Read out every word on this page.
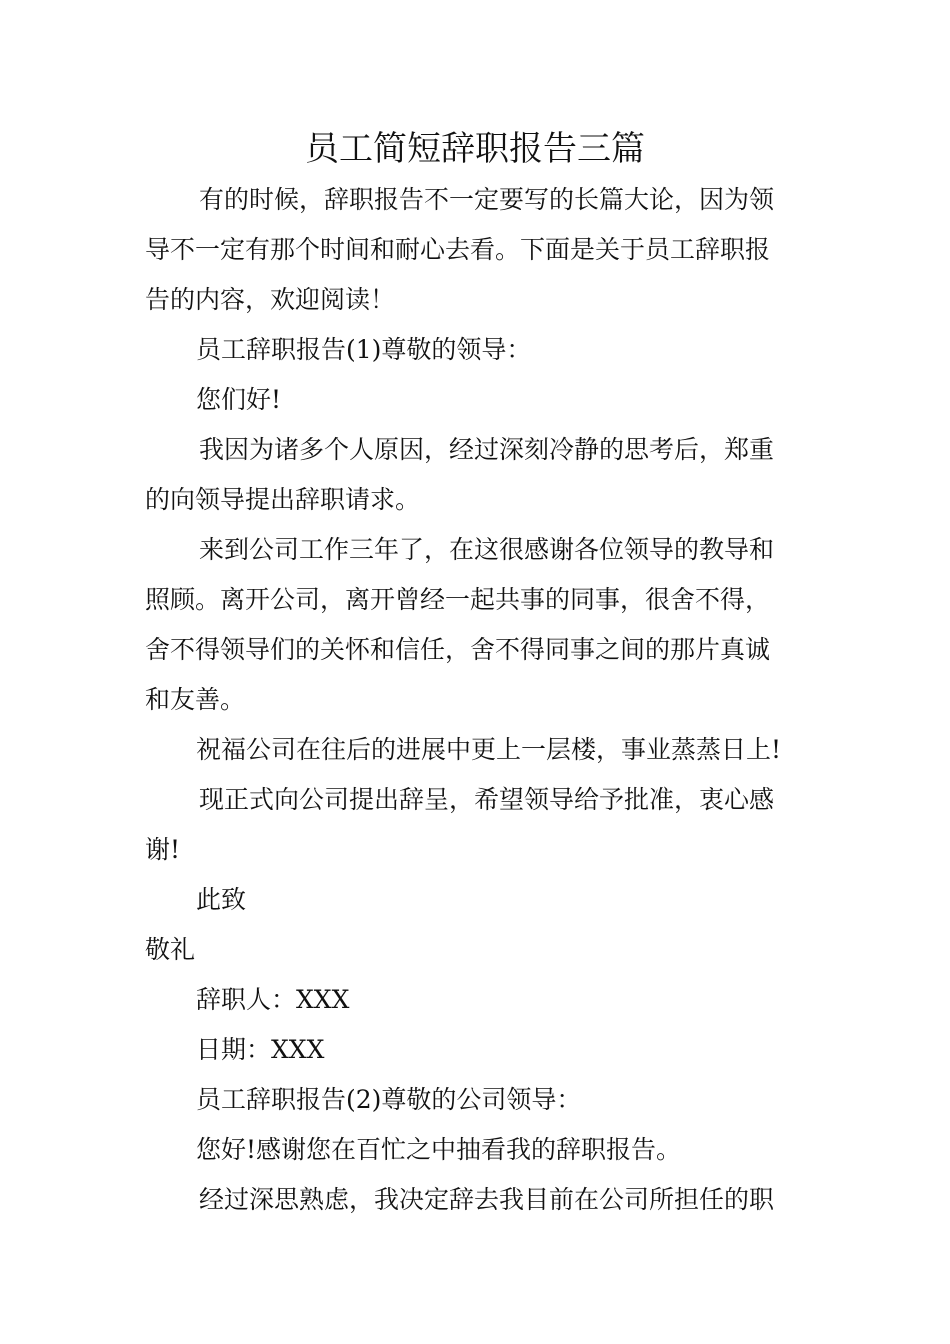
员工简短辞职报告三篇
有的时候，辞职报告不一定要写的长篇大论，因为领
导不一定有那个时间和耐心去看。下面是关于员工辞职报
告的内容，欢迎阅读！
员工辞职报告(1)尊敬的领导：
您们好!
我因为诸多个人原因，经过深刻冷静的思考后，郑重
的向领导提出辞职请求。
来到公司工作三年了，在这很感谢各位领导的教导和
照顾。离开公司，离开曾经一起共事的同事，很舍不得，
舍不得领导们的关怀和信任，舍不得同事之间的那片真诚
和友善。
祝福公司在往后的进展中更上一层楼，事业蒸蒸日上!
现正式向公司提出辞呈，希望领导给予批准，衷心感
谢!
此致
敬礼
辞职人：XXX
日期：XXX
员工辞职报告(2)尊敬的公司领导：
您好!感谢您在百忙之中抽看我的辞职报告。
经过深思熟虑，我决定辞去我目前在公司所担任的职
